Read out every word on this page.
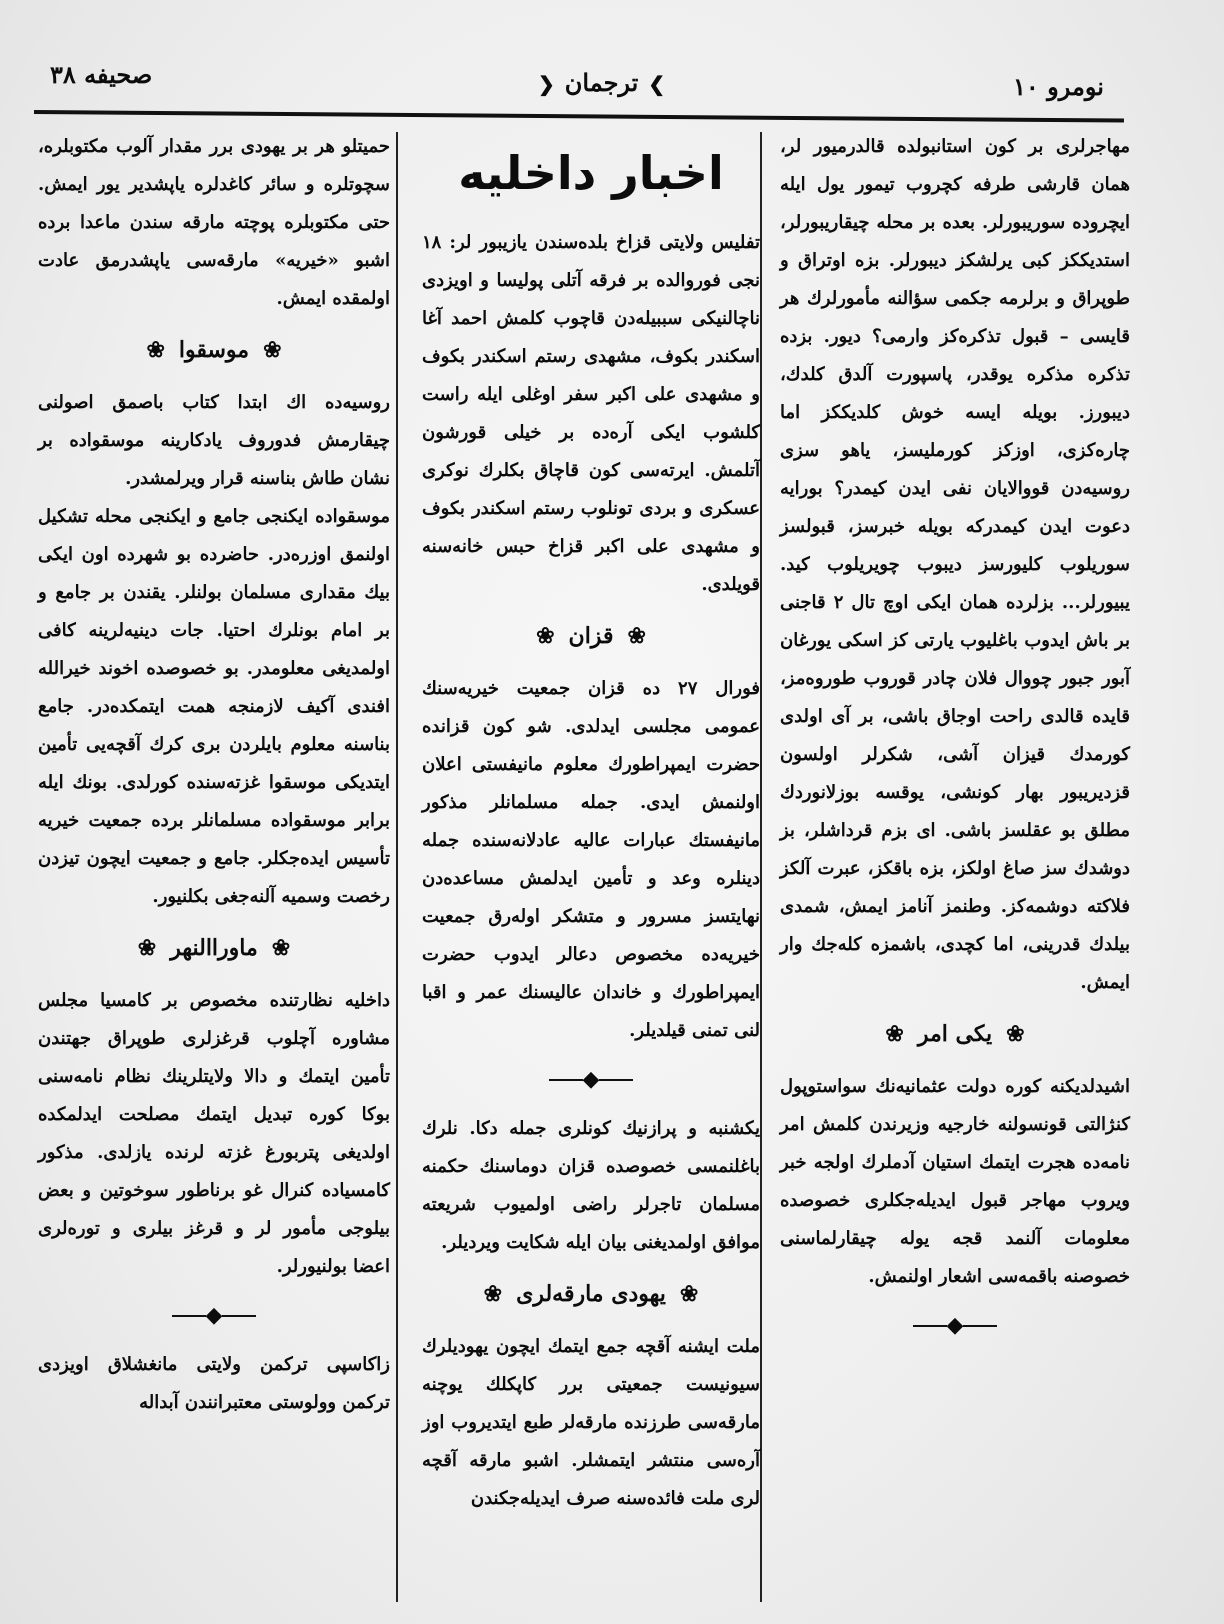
صحیفه ۳۸	❯ترجمان❮	نومرو ۱۰

مهاجرلری بر کون استانبولده قالدرمیور لر، همان قارشی طرفه کچروب تیمور یول ایله ایچروده سوریبورلر. بعده بر محله چیقاریبورلر، استدیککز کبی یرلشکز دیبورلر. بزه اوتراق و طوپراق و برلرمه جکمی سؤالنه مأمورلرك هر قایسی – قبول تذکره‌کز وارمی؟ دیور. بزده تذکره مذکره یوقدر، پاسپورت آلدق کلدك، دیبورز. بویله ایسه خوش کلدیککز اما چاره‌کزی، اوزکز کورملیسز، یاهو سزی روسیه‌دن قووالایان نفی ایدن کیمدر؟ بورایه دعوت ایدن کیمدرکه بویله خبرسز، قبولسز سوریلوب کلیورسز دیبوب چویریلوب کید. یبیورلر... بزلرده همان ایکی اوچ تال ۲ قاجنی بر باش ایدوب باغلیوب یارتی کز اسکی یورغان آبور جبور چووال فلان چادر قوروب طوروه‌مز، قایده قالدی راحت اوجاق باشی، بر آی اولدی کورمدك قیزان آشی، شکرلر اولسون قزدیریبور بهار کونشی، یوقسه بوزلانوردك مطلق بو عقلسز باشی. ای بزم قرداشلر، بز دوشدك سز صاغ اولکز، بزه باقکز، عبرت آلکز فلاکته دوشمه‌کز. وطنمز آنامز ایمش، شمدی بیلدك قدرینی، اما کچدی، باشمزه کله‌جك وار ایمش.

❀یکی امر❀

اشیدلدیکنه کوره دولت عثمانیه‌نك سواستوپول کنژالتی قونسولنه خارجیه وزیرندن کلمش امر نامه‌ده هجرت ایتمك استیان آدملرك اولجه خبر ویروب مهاجر قبول ایدیله‌جکلری خصوصده معلومات آلنمد قجه یوله چیقارلماسنی خصوصنه باقمه‌سی اشعار اولنمش.

◆
اخبار داخلیه

تفلیس ولایتی قزاخ بلده‌سندن یازیبور لر: ۱۸ نجی فوروالده بر فرقه آتلی پولیسا و اویزدی ناچالنیکی سببیله‌دن قاچوب کلمش احمد آغا اسکندر بکوف، مشهدی رستم اسکندر بکوف و مشهدی علی اکبر سفر اوغلی ایله راست کلشوب ایکی آره‌ده بر خیلی قورشون آتلمش. ایرته‌سی کون قاچاق بکلرك نوکری عسکری و بردی تونلوب رستم اسکندر بکوف و مشهدی علی اکبر قزاخ حبس خانه‌سنه قویلدی.

❀قزان❀

فورال ۲۷ ده قزان جمعیت خیریه‌سنك عمومی مجلسی ایدلدی. شو کون قزانده حضرت ایمپراطورك معلوم مانیفستی اعلان اولنمش ایدی. جمله مسلمانلر مذکور مانیفستك عبارات عالیه عادلانه‌سنده جمله دینلره وعد و تأمین ایدلمش مساعده‌دن نهایتسز مسرور و متشکر اولەرق جمعیت خیریه‌ده مخصوص دعالر ایدوب حضرت ایمپراطورك و خاندان عالیسنك عمر و اقبا لنی تمنی قیلدیلر.

◆

یکشنبه و پرازنیك کونلری جمله دکا. نلرك باغلنمسی خصوصده قزان دوماسنك حکمنه مسلمان تاجرلر راضی اولمیوب شریعته موافق اولمدیغنی بیان ایله شکایت ویردیلر.

❀یهودی مارقه‌لری❀

ملت ایشنه آقچه جمع ایتمك ایچون یهودیلرك سیونیست جمعیتی برر کاپکلك یوچنه مارقه‌سی طرزنده مارقه‌لر طبع ایتدیروب اوز آره‌سی منتشر ایتمشلر. اشبو مارقه آقچه لری ملت فائده‌سنه صرف ایدیله‌جکندن

حمیتلو هر بر یهودی برر مقدار آلوب مکتوبلره، سچوتلره و سائر کاغدلره یاپشدیر یور ایمش. حتی مکتوبلره پوچته مارقه سندن ماعدا برده اشبو «خیریه» مارقه‌سی یاپشدرمق عادت اولمقده ایمش.

❀موسقوا❀

روسیه‌ده اك ابتدا کتاب باصمق اصولنی چیقارمش فدوروف یادکارینه موسقواده بر نشان طاش بناسنه قرار ویرلمشدر.

موسقواده ایکنجی جامع و ایکنجی محله تشکیل اولنمق اوزره‌در. حاضرده بو شهرده اون ایکی بیك مقداری مسلمان بولنلر. یقندن بر جامع و بر امام بونلرك احتیا. جات دینیه‌لرینه کافی اولمدیغی معلومدر. بو خصوصده اخوند خیرالله افندی آکیف لازمنجه همت ایتمکده‌در. جامع بناسنه معلوم بایلردن بری کرك آقچه‌یی تأمین ایتدیکی موسقوا غزته‌سنده کورلدی. بونك ایله برابر موسقواده مسلمانلر برده جمعیت خیریه تأسیس ایده‌جکلر. جامع و جمعیت ایچون تیزدن رخصت وسمیه آلنه‌جغی بکلنیور.

❀ماوراالنهر❀

داخلیه نظارتنده مخصوص بر کامسیا مجلس مشاوره آچلوب قرغزلری طوپراق جهتندن تأمین ایتمك و دالا ولایتلرینك نظام نامه‌سنی بوکا کوره تبدیل ایتمك مصلحت ایدلمکده اولدیغی پتربورغ غزته لرنده یازلدی. مذکور کامسیاده کنرال غو برناطور سوخوتین و بعض بیلوجی مأمور لر و قرغز بیلری و تورەلری اعضا بولنیورلر.

◆

زاکاسپی ترکمن ولایتی مانغشلاق اویزدی ترکمن وولوستی معتبرانندن آبداله
